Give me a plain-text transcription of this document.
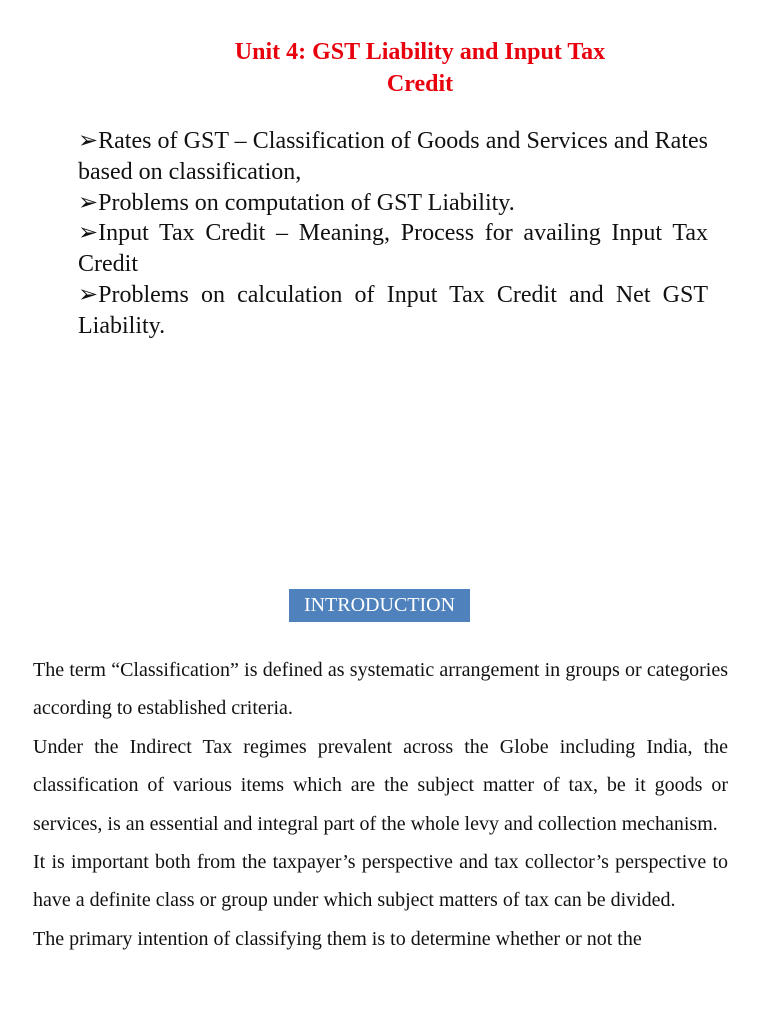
Unit 4: GST Liability and Input Tax
Credit
➢Rates of GST – Classification of Goods and Services and Rates based on classification,
➢Problems on computation of GST Liability.
➢Input Tax Credit – Meaning, Process for availing Input Tax Credit
➢Problems on calculation of Input Tax Credit and Net GST Liability.
INTRODUCTION

The term “Classification” is defined as systematic arrangement in groups or categories according to established criteria.

Under the Indirect Tax regimes prevalent across the Globe including India, the classification of various items which are the subject matter of tax, be it goods or services, is an essential and integral part of the whole levy and collection mechanism.

It is important both from the taxpayer’s perspective and tax collector’s perspective to have a definite class or group under which subject matters of tax can be divided.

The primary intention of classifying them is to determine whether or not the
